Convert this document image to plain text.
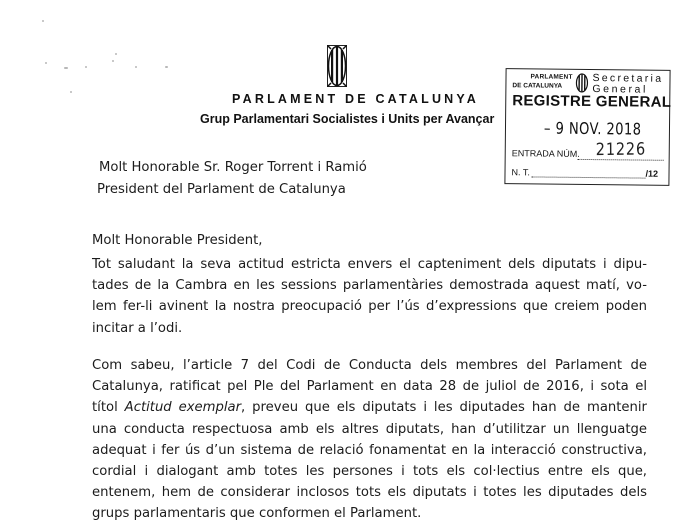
PARLAMENT DE CATALUNYA
Grup Parlamentari Socialistes i Units per Avançar
PARLAMENT
DE CATALUNYA
Secretaria
General
REGISTRE GENERAL
– 9 NOV. 2018
ENTRADA NÚM. 21226
N. T.	/12
Molt Honorable Sr. Roger Torrent i Ramió
President del Parlament de Catalunya
Molt Honorable President,
Tot saludant la seva actitud estricta envers el capteniment dels diputats i dipu-
tades de la Cambra en les sessions parlamentàries demostrada aquest matí, vo-
lem fer-li avinent la nostra preocupació per l’ús d’expressions que creiem poden
incitar a l’odi.
Com sabeu, l’article 7 del Codi de Conducta dels membres del Parlament de
Catalunya, ratificat pel Ple del Parlament en data 28 de juliol de 2016, i sota el
títol Actitud exemplar, preveu que els diputats i les diputades han de mantenir
una conducta respectuosa amb els altres diputats, han d’utilitzar un llenguatge
adequat i fer ús d’un sistema de relació fonamentat en la interacció constructiva,
cordial i dialogant amb totes les persones i tots els col·lectius entre els que,
entenem, hem de considerar inclosos tots els diputats i totes les diputades dels
grups parlamentaris que conformen el Parlament.
